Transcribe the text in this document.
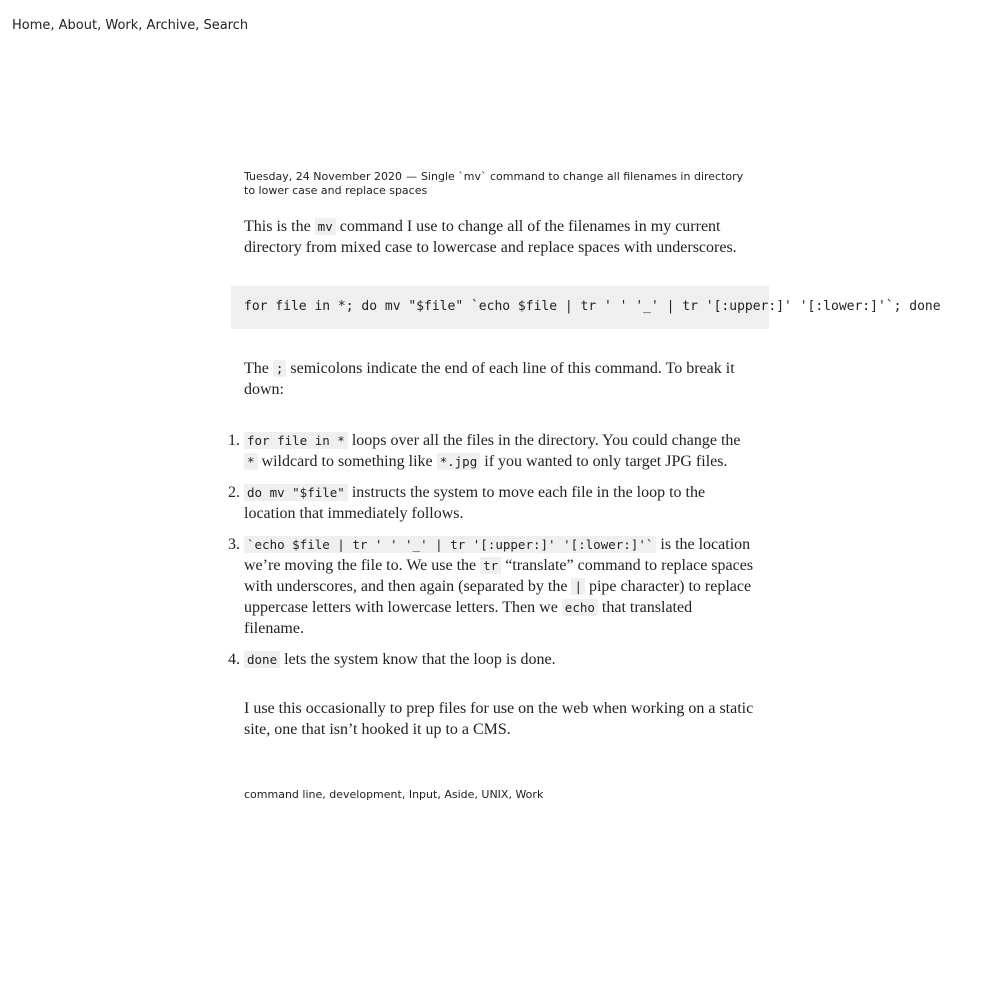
Home, About, Work, Archive, Search
Tuesday, 24 November 2020 — Single `mv` command to change all filenames in directory to lower case and replace spaces

This is the mv command I use to change all of the filenames in my current directory from mixed case to lowercase and replace spaces with underscores.

for file in *; do mv "$file" `echo $file | tr ' ' '_' | tr '[:upper:]' '[:lower:]'`; done

The ; semicolons indicate the end of each line of this command. To break it down:

1. for file in * loops over all the files in the directory. You could change the * wildcard to something like *.jpg if you wanted to only target JPG files.
2. do mv "$file" instructs the system to move each file in the loop to the location that immediately follows.
3. `echo $file | tr ' ' '_' | tr '[:upper:]' '[:lower:]'` is the location we’re moving the file to. We use the tr “translate” command to replace spaces with underscores, and then again (separated by the | pipe character) to replace uppercase letters with lowercase letters. Then we echo that translated filename.
4. done lets the system know that the loop is done.

I use this occasionally to prep files for use on the web when working on a static site, one that isn’t hooked it up to a CMS.

command line, development, Input, Aside, UNIX, Work
